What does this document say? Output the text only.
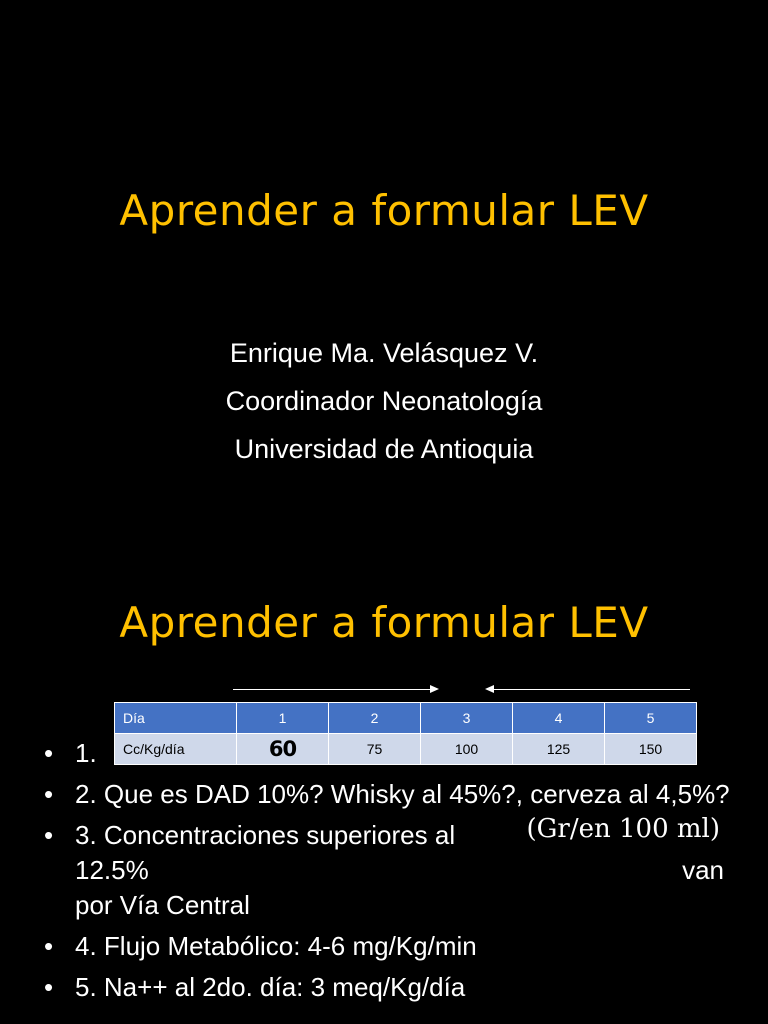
Aprender a formular LEV
Enrique Ma. Velásquez V.
Coordinador Neonatología
Universidad de Antioquia
Aprender a formular LEV
Día	1	2	3	4	5
Cc/Kg/día	60	75	100	125	150
• 1.
• 2. Que es DAD 10%? Whisky al 45%?, cerveza al 4,5%?
(Gr/en 100 ml)
• 3. Concentraciones superiores al 12.5%	van

por Vía Central
• 4. Flujo Metabólico: 4-6 mg/Kg/min
• 5. Na++ al 2do. día: 3 meq/Kg/día
